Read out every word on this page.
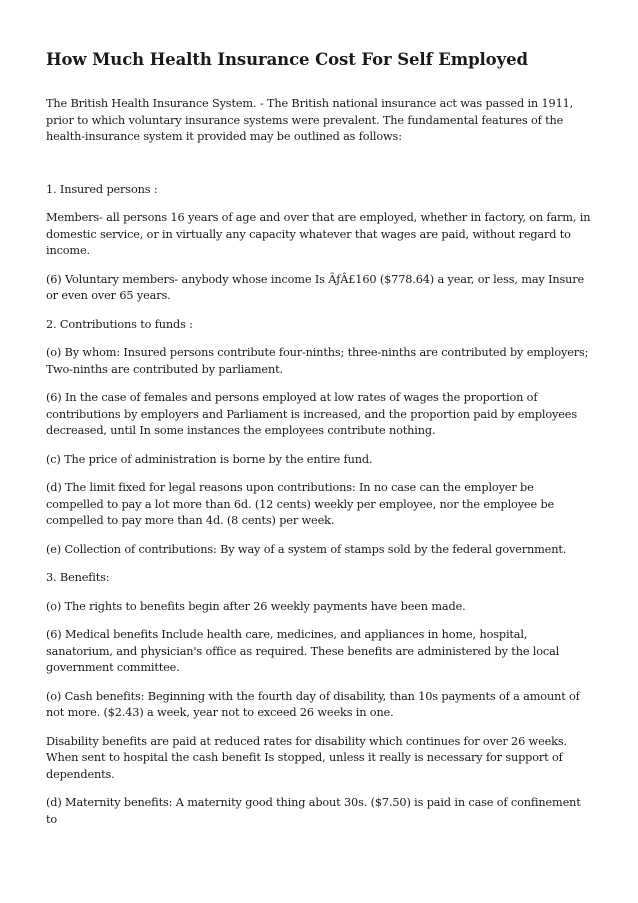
How Much Health Insurance Cost For Self Employed

The British Health Insurance System. - The British national insurance act was passed in 1911, prior to which voluntary insurance systems were prevalent. The fundamental features of the health-insurance system it provided may be outlined as follows:

1. Insured persons :

Members- all persons 16 years of age and over that are employed, whether in factory, on farm, in domestic service, or in virtually any capacity whatever that wages are paid, without regard to income.

(6) Voluntary members- anybody whose income Is ÃƒÂ£160 ($778.64) a year, or less, may Insure or even over 65 years.

2. Contributions to funds :

(o) By whom: Insured persons contribute four-ninths; three-ninths are contributed by employers; Two-ninths are contributed by parliament.

(6) In the case of females and persons employed at low rates of wages the proportion of contributions by employers and Parliament is increased, and the proportion paid by employees decreased, until In some instances the employees contribute nothing.

(c) The price of administration is borne by the entire fund.

(d) The limit fixed for legal reasons upon contributions: In no case can the employer be compelled to pay a lot more than 6d. (12 cents) weekly per employee, nor the employee be compelled to pay more than 4d. (8 cents) per week.

(e) Collection of contributions: By way of a system of stamps sold by the federal government.

3. Benefits:

(o) The rights to benefits begin after 26 weekly payments have been made.

(6) Medical benefits Include health care, medicines, and appliances in home, hospital, sanatorium, and physician's office as required. These benefits are administered by the local government committee.

(o) Cash benefits: Beginning with the fourth day of disability, than 10s payments of a amount of not more. ($2.43) a week, year not to exceed 26 weeks in one.

Disability benefits are paid at reduced rates for disability which continues for over 26 weeks. When sent to hospital the cash benefit Is stopped, unless it really is necessary for support of dependents.

(d) Maternity benefits: A maternity good thing about 30s. ($7.50) is paid in case of confinement to
